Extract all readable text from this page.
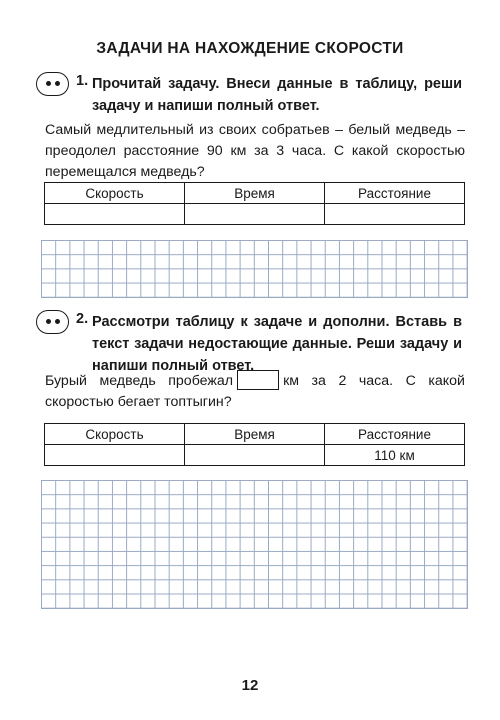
ЗАДАЧИ НА НАХОЖДЕНИЕ СКОРОСТИ
1. Прочитай задачу. Внеси данные в таблицу, реши задачу и напиши полный ответ.
Самый медлительный из своих собратьев – белый медведь – преодолел расстояние 90 км за 3 часа. С какой скоростью перемещался медведь?
Скорость	Время	Расстояние

2. Рассмотри таблицу к задаче и дополни. Вставь в текст задачи недостающие данные. Реши задачу и напиши полный ответ.
Бурый медведь пробежал	км за 2 часа. С какой скоростью бегает топтыгин?
Скорость	Время	Расстояние
		110 км
12
